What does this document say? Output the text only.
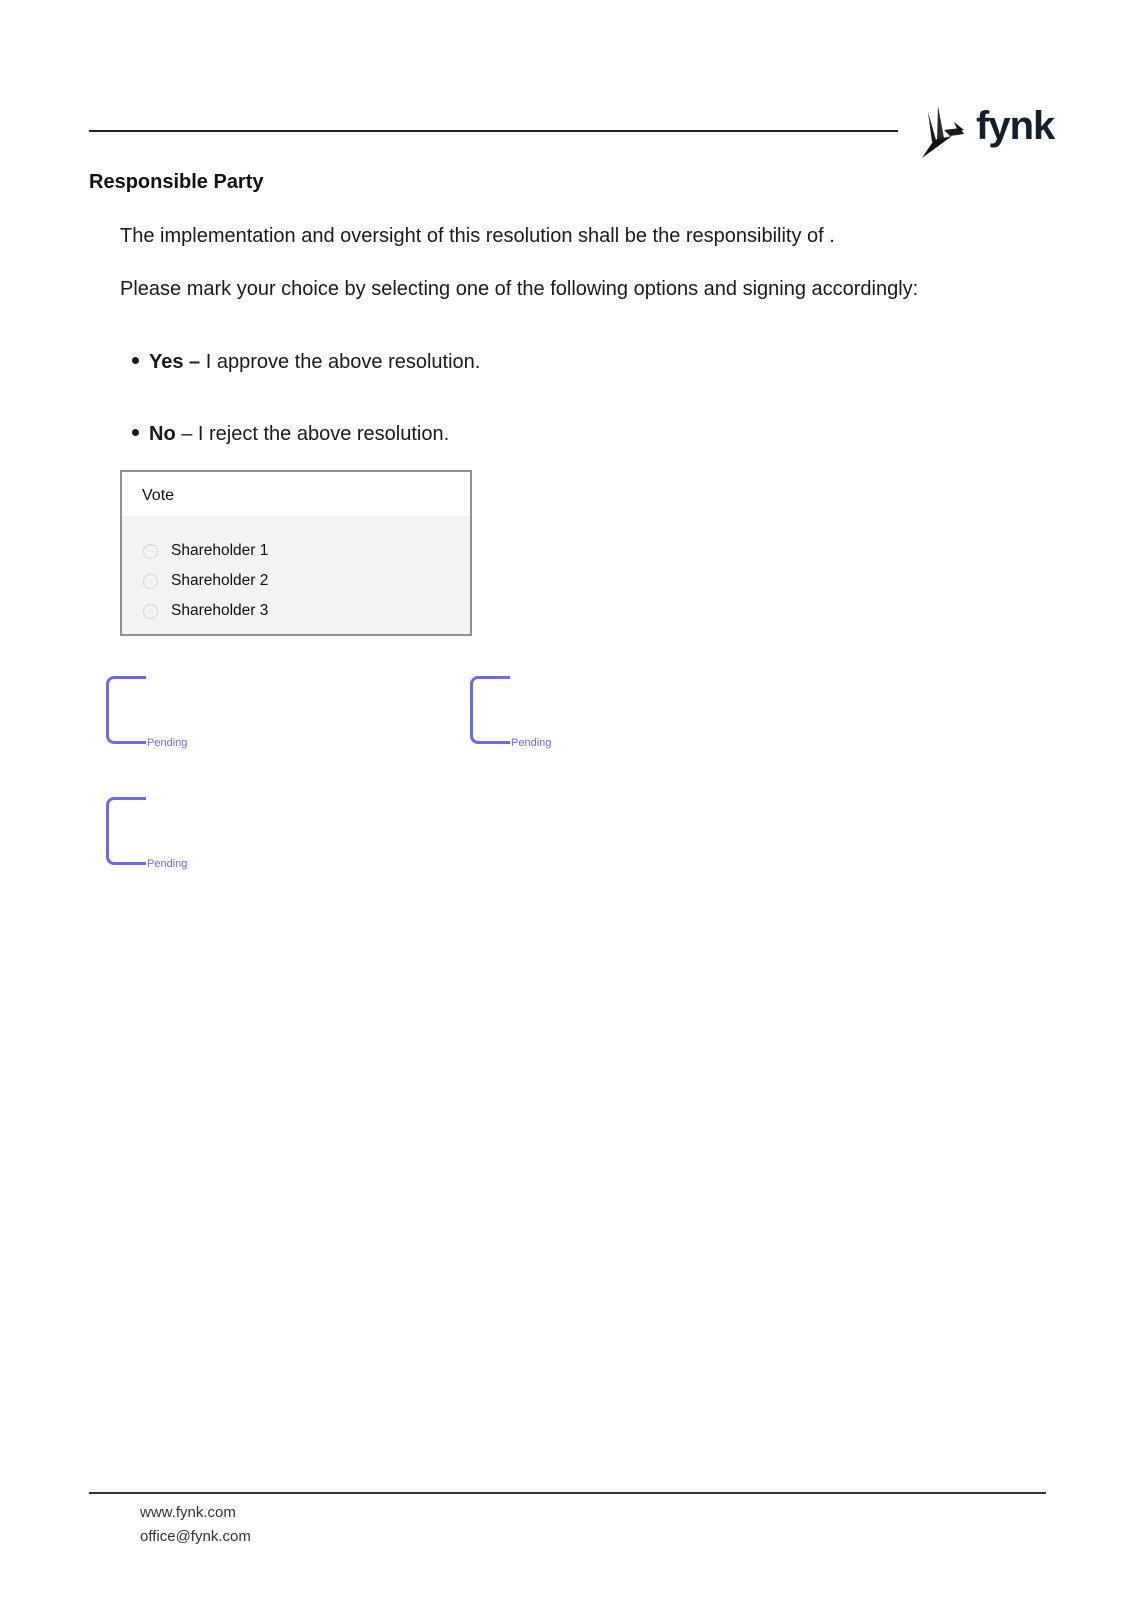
fynk
Responsible Party
The implementation and oversight of this resolution shall be the responsibility of .
Please mark your choice by selecting one of the following options and signing accordingly:
Yes – I approve the above resolution.
No – I reject the above resolution.
Vote
··· Shareholder 1
··· Shareholder 2
··· Shareholder 3
Pending	Pending
Pending
www.fynk.com
office@fynk.com
